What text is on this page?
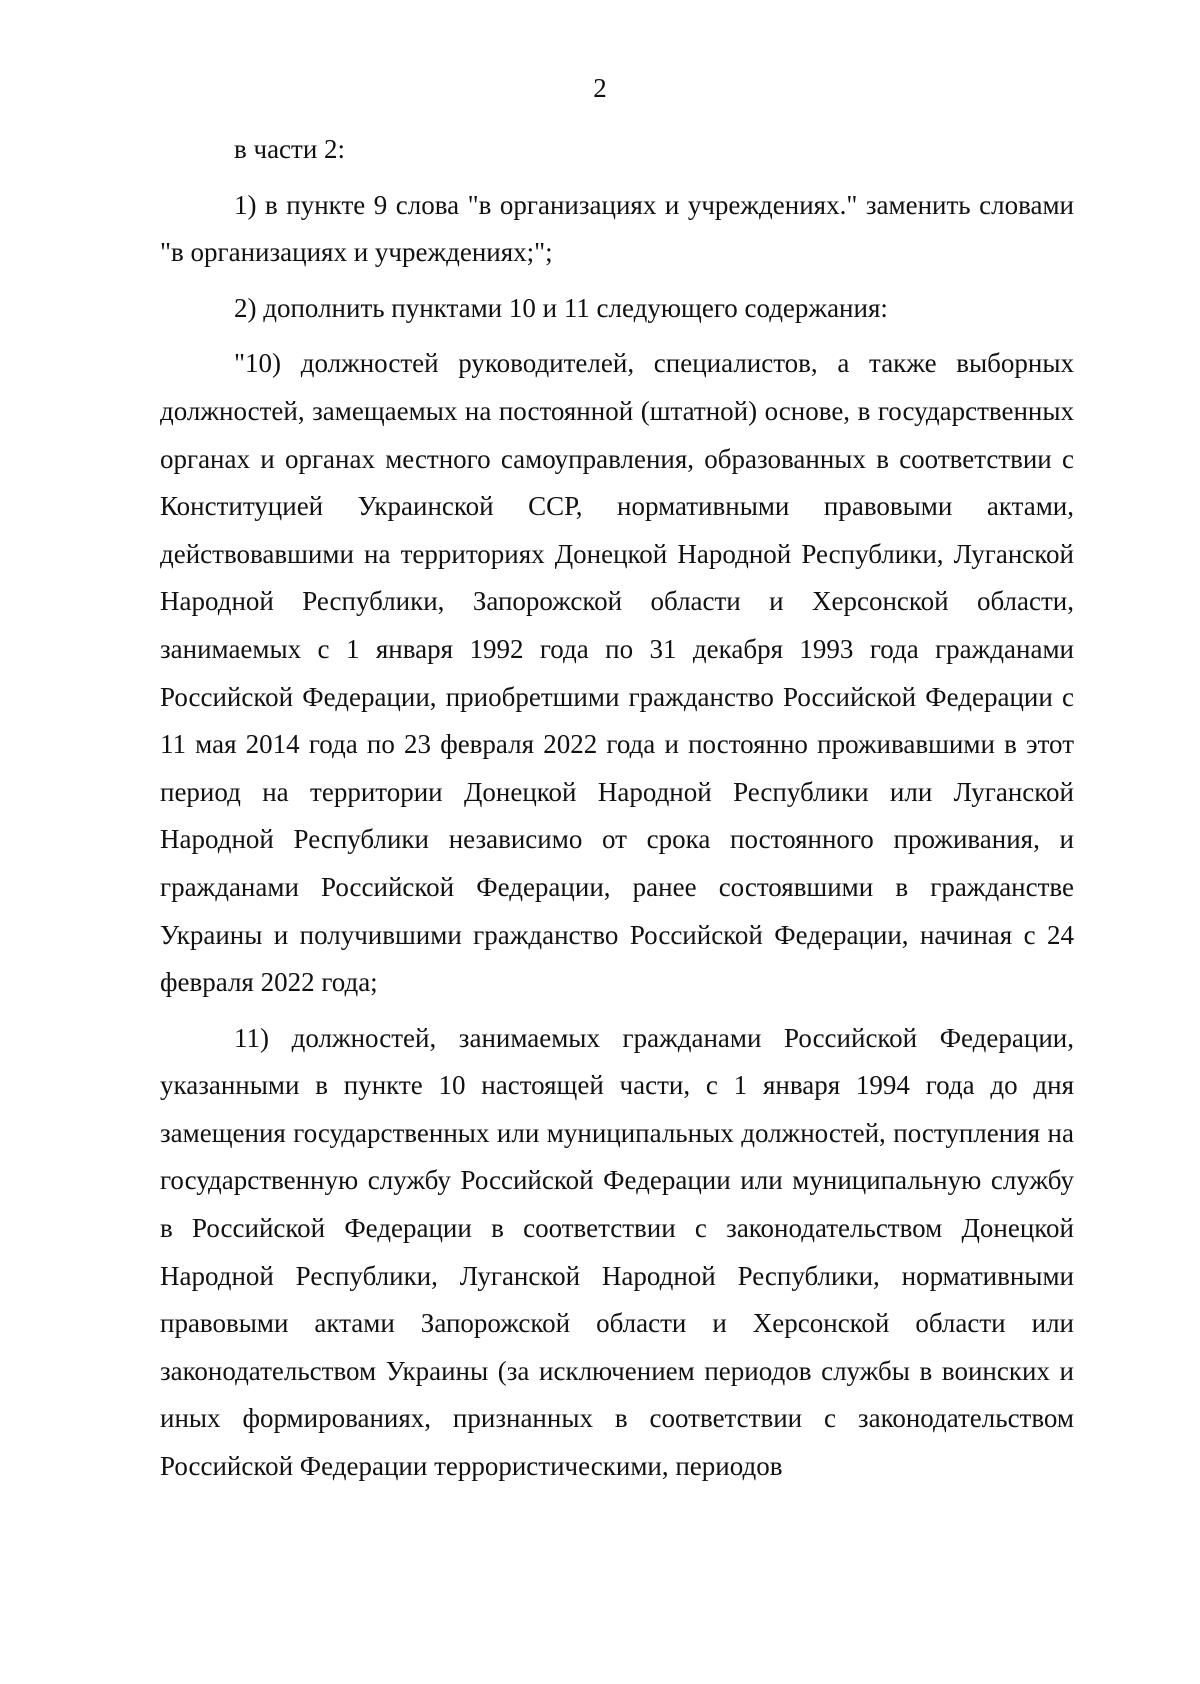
2

в части 2:

1) в пункте 9 слова "в организациях и учреждениях." заменить словами "в организациях и учреждениях;";

2) дополнить пунктами 10 и 11 следующего содержания:

"10) должностей руководителей, специалистов, а также выборных должностей, замещаемых на постоянной (штатной) основе, в государственных органах и органах местного самоуправления, образованных в соответствии с Конституцией Украинской ССР, нормативными правовыми актами, действовавшими на территориях Донецкой Народной Республики, Луганской Народной Республики, Запорожской области и Херсонской области, занимаемых с 1 января 1992 года по 31 декабря 1993 года гражданами Российской Федерации, приобретшими гражданство Российской Федерации с 11 мая 2014 года по 23 февраля 2022 года и постоянно проживавшими в этот период на территории Донецкой Народной Республики или Луганской Народной Республики независимо от срока постоянного проживания, и гражданами Российской Федерации, ранее состоявшими в гражданстве Украины и получившими гражданство Российской Федерации, начиная с 24 февраля 2022 года;

11) должностей, занимаемых гражданами Российской Федерации, указанными в пункте 10 настоящей части, с 1 января 1994 года до дня замещения государственных или муниципальных должностей, поступления на государственную службу Российской Федерации или муниципальную службу в Российской Федерации в соответствии с законодательством Донецкой Народной Республики, Луганской Народной Республики, нормативными правовыми актами Запорожской области и Херсонской области или законодательством Украины (за исключением периодов службы в воинских и иных формированиях, признанных в соответствии с законодательством Российской Федерации террористическими, периодов
